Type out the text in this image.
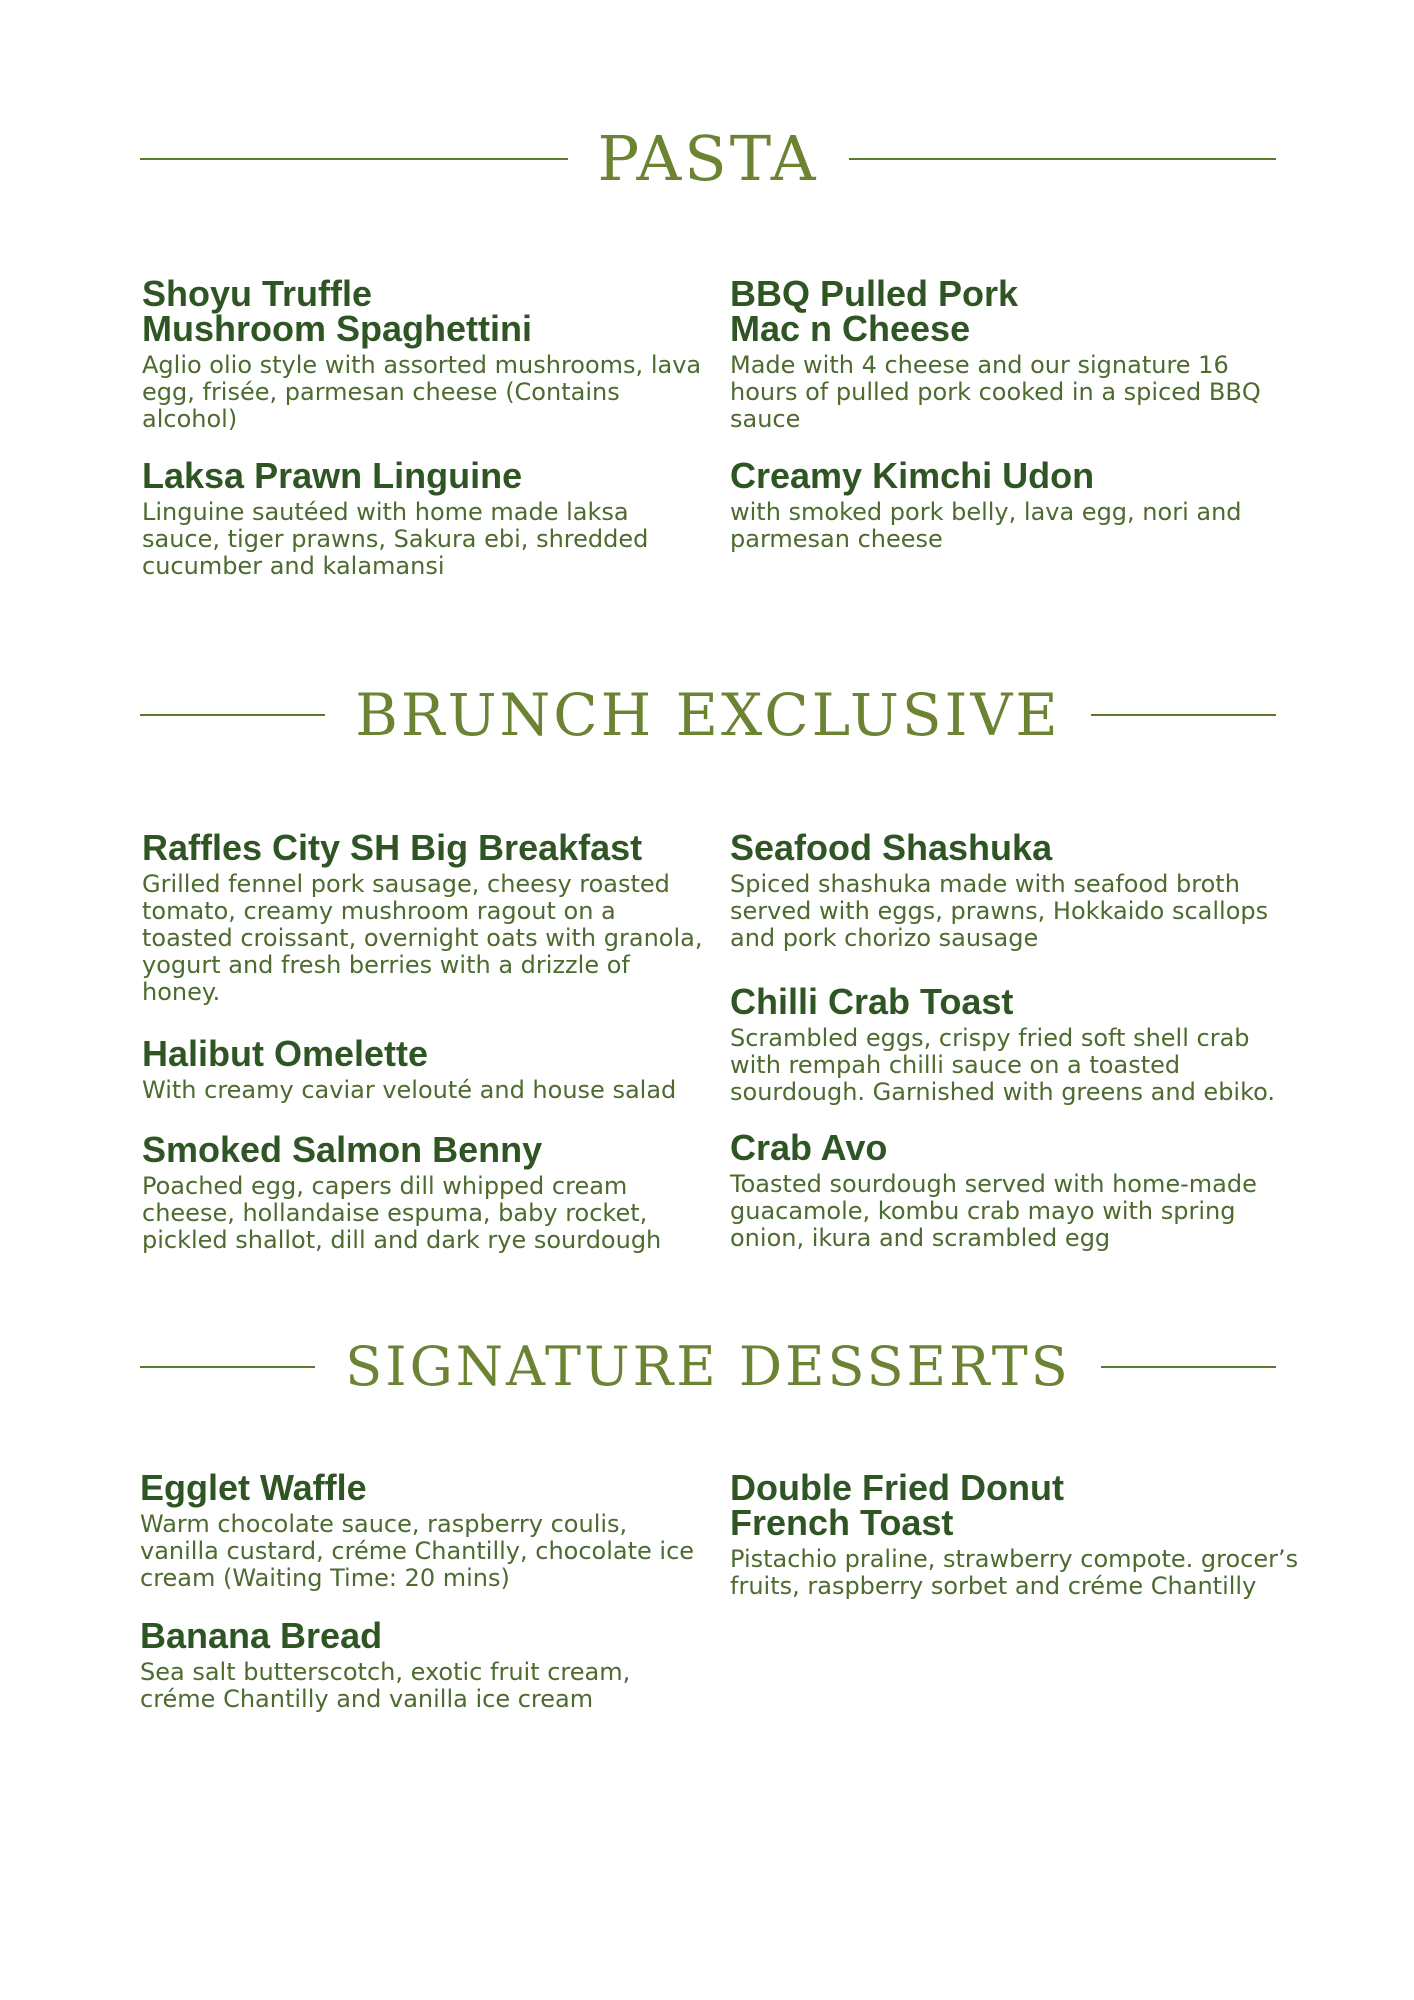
PASTA

Shoyu Truffle
Mushroom Spaghettini

Aglio olio style with assorted mushrooms, lava egg, frisée, parmesan cheese (Contains alcohol)

BBQ Pulled Pork
Mac n Cheese

Made with 4 cheese and our signature 16 hours of pulled pork cooked in a spiced BBQ sauce

Laksa Prawn Linguine

Linguine sautéed with home made laksa sauce, tiger prawns, Sakura ebi, shredded cucumber and kalamansi

Creamy Kimchi Udon

with smoked pork belly, lava egg, nori and parmesan cheese

BRUNCH EXCLUSIVE

Raffles City SH Big Breakfast

Grilled fennel pork sausage, cheesy roasted tomato, creamy mushroom ragout on a toasted croissant, overnight oats with granola, yogurt and fresh berries with a drizzle of honey.

Seafood Shashuka

Spiced shashuka made with seafood broth served with eggs, prawns, Hokkaido scallops and pork chorizo sausage

Halibut Omelette

With creamy caviar velouté and house salad

Chilli Crab Toast

Scrambled eggs, crispy fried soft shell crab with rempah chilli sauce on a toasted sourdough. Garnished with greens and ebiko.

Smoked Salmon Benny

Poached egg, capers dill whipped cream cheese, hollandaise espuma, baby rocket, pickled shallot, dill and dark rye sourdough

Crab Avo

Toasted sourdough served with home-made guacamole, kombu crab mayo with spring onion, ikura and scrambled egg

SIGNATURE DESSERTS

Egglet Waffle

Warm chocolate sauce, raspberry coulis, vanilla custard, créme Chantilly, chocolate ice cream (Waiting Time: 20 mins)

Double Fried Donut
French Toast

Pistachio praline, strawberry compote. grocer’s fruits, raspberry sorbet and créme Chantilly

Banana Bread

Sea salt butterscotch, exotic fruit cream, créme Chantilly and vanilla ice cream
